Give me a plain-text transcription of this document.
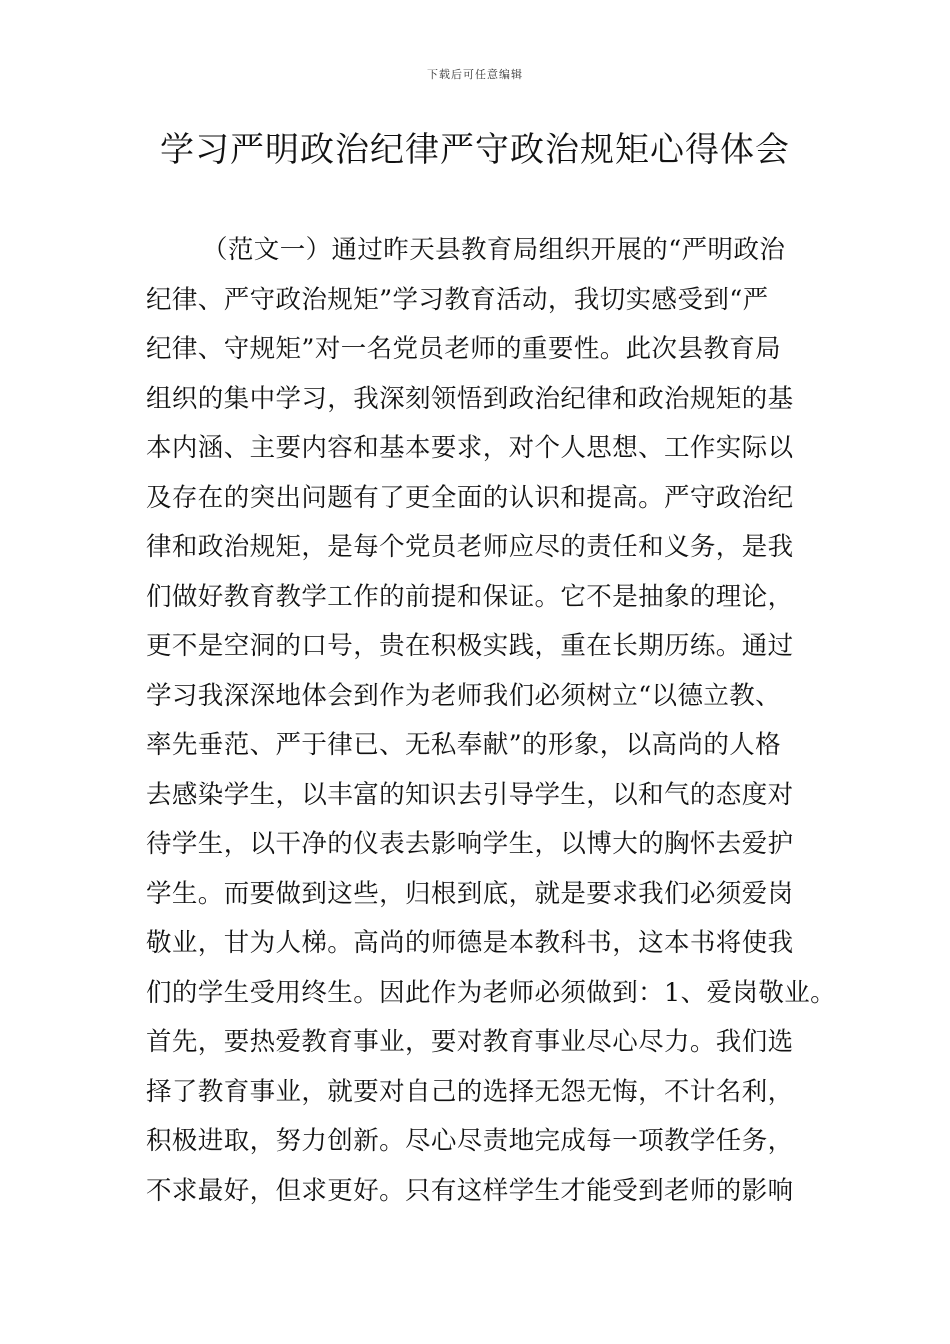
下载后可任意编辑
学习严明政治纪律严守政治规矩心得体会
（范文一）通过昨天县教育局组织开展的“严明政治
纪律、严守政治规矩”学习教育活动，我切实感受到“严
纪律、守规矩”对一名党员老师的重要性。此次县教育局
组织的集中学习，我深刻领悟到政治纪律和政治规矩的基
本内涵、主要内容和基本要求，对个人思想、工作实际以
及存在的突出问题有了更全面的认识和提高。严守政治纪
律和政治规矩，是每个党员老师应尽的责任和义务，是我
们做好教育教学工作的前提和保证。它不是抽象的理论，
更不是空洞的口号，贵在积极实践，重在长期历练。通过
学习我深深地体会到作为老师我们必须树立“以德立教、
率先垂范、严于律已、无私奉献”的形象，以高尚的人格
去感染学生，以丰富的知识去引导学生，以和气的态度对
待学生，以干净的仪表去影响学生，以博大的胸怀去爱护
学生。而要做到这些，归根到底，就是要求我们必须爱岗
敬业，甘为人梯。高尚的师德是本教科书，这本书将使我
们的学生受用终生。因此作为老师必须做到：1、爱岗敬业。
首先，要热爱教育事业，要对教育事业尽心尽力。我们选
择了教育事业，就要对自己的选择无怨无悔，不计名利，
积极进取，努力创新。尽心尽责地完成每一项教学任务，
不求最好，但求更好。只有这样学生才能受到老师的影响
